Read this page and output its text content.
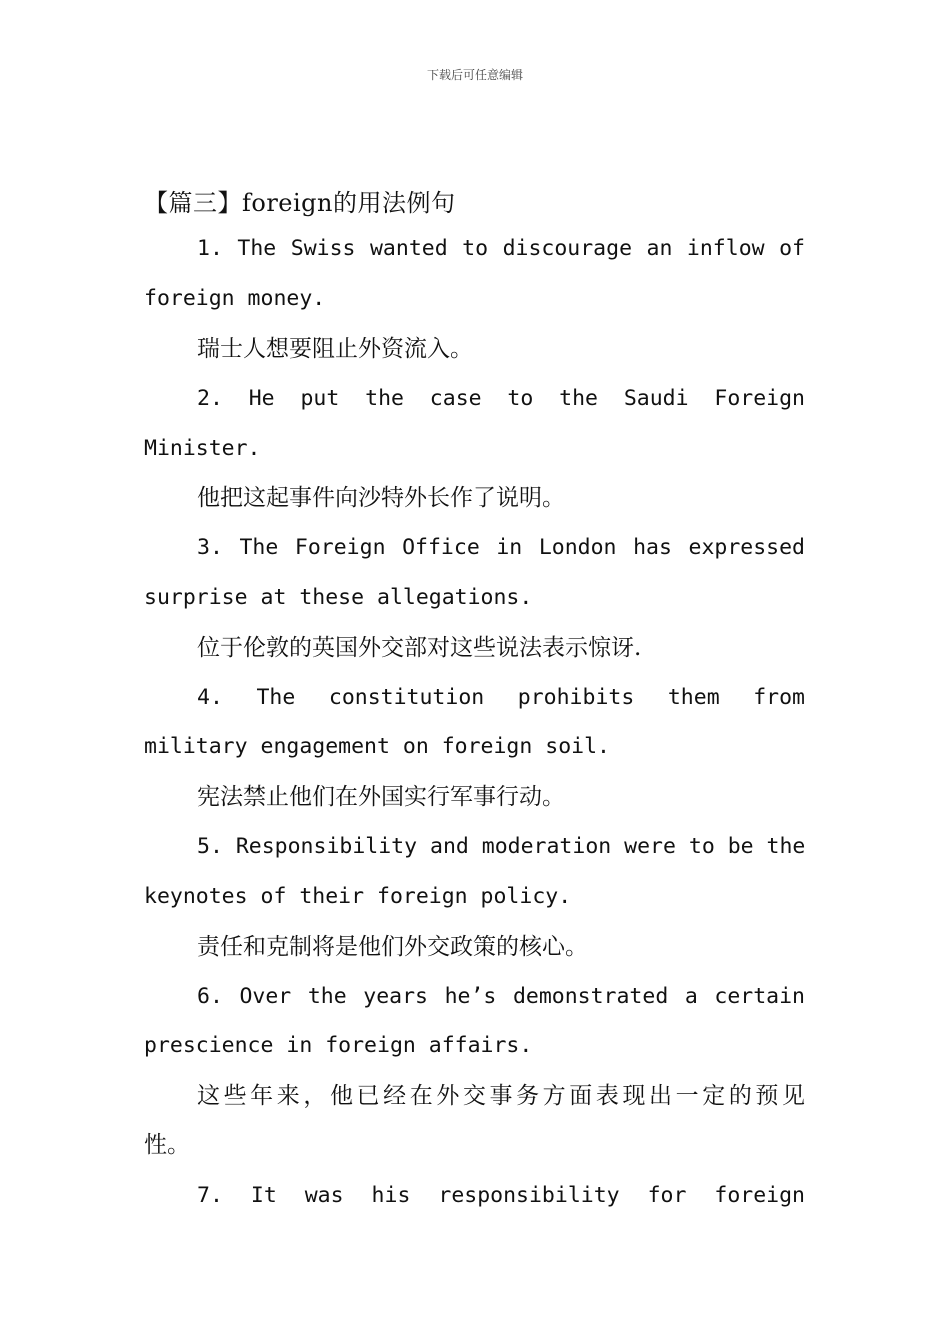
下载后可任意编辑
【篇三】foreign的用法例句
1. The Swiss wanted to discourage an inflow of
foreign money.
瑞士人想要阻止外资流入。
2. He put the case to the Saudi Foreign
Minister.
他把这起事件向沙特外长作了说明。
3. The Foreign Office in London has expressed
surprise at these allegations.
位于伦敦的英国外交部对这些说法表示惊讶.
4. The constitution prohibits them from
military engagement on foreign soil.
宪法禁止他们在外国实行军事行动。
5. Responsibility and moderation were to be the
keynotes of their foreign policy.
责任和克制将是他们外交政策的核心。
6. Over the years he’s demonstrated a certain
prescience in foreign affairs.
这些年来，他已经在外交事务方面表现出一定的预见
性。
7. It was his responsibility for foreign
